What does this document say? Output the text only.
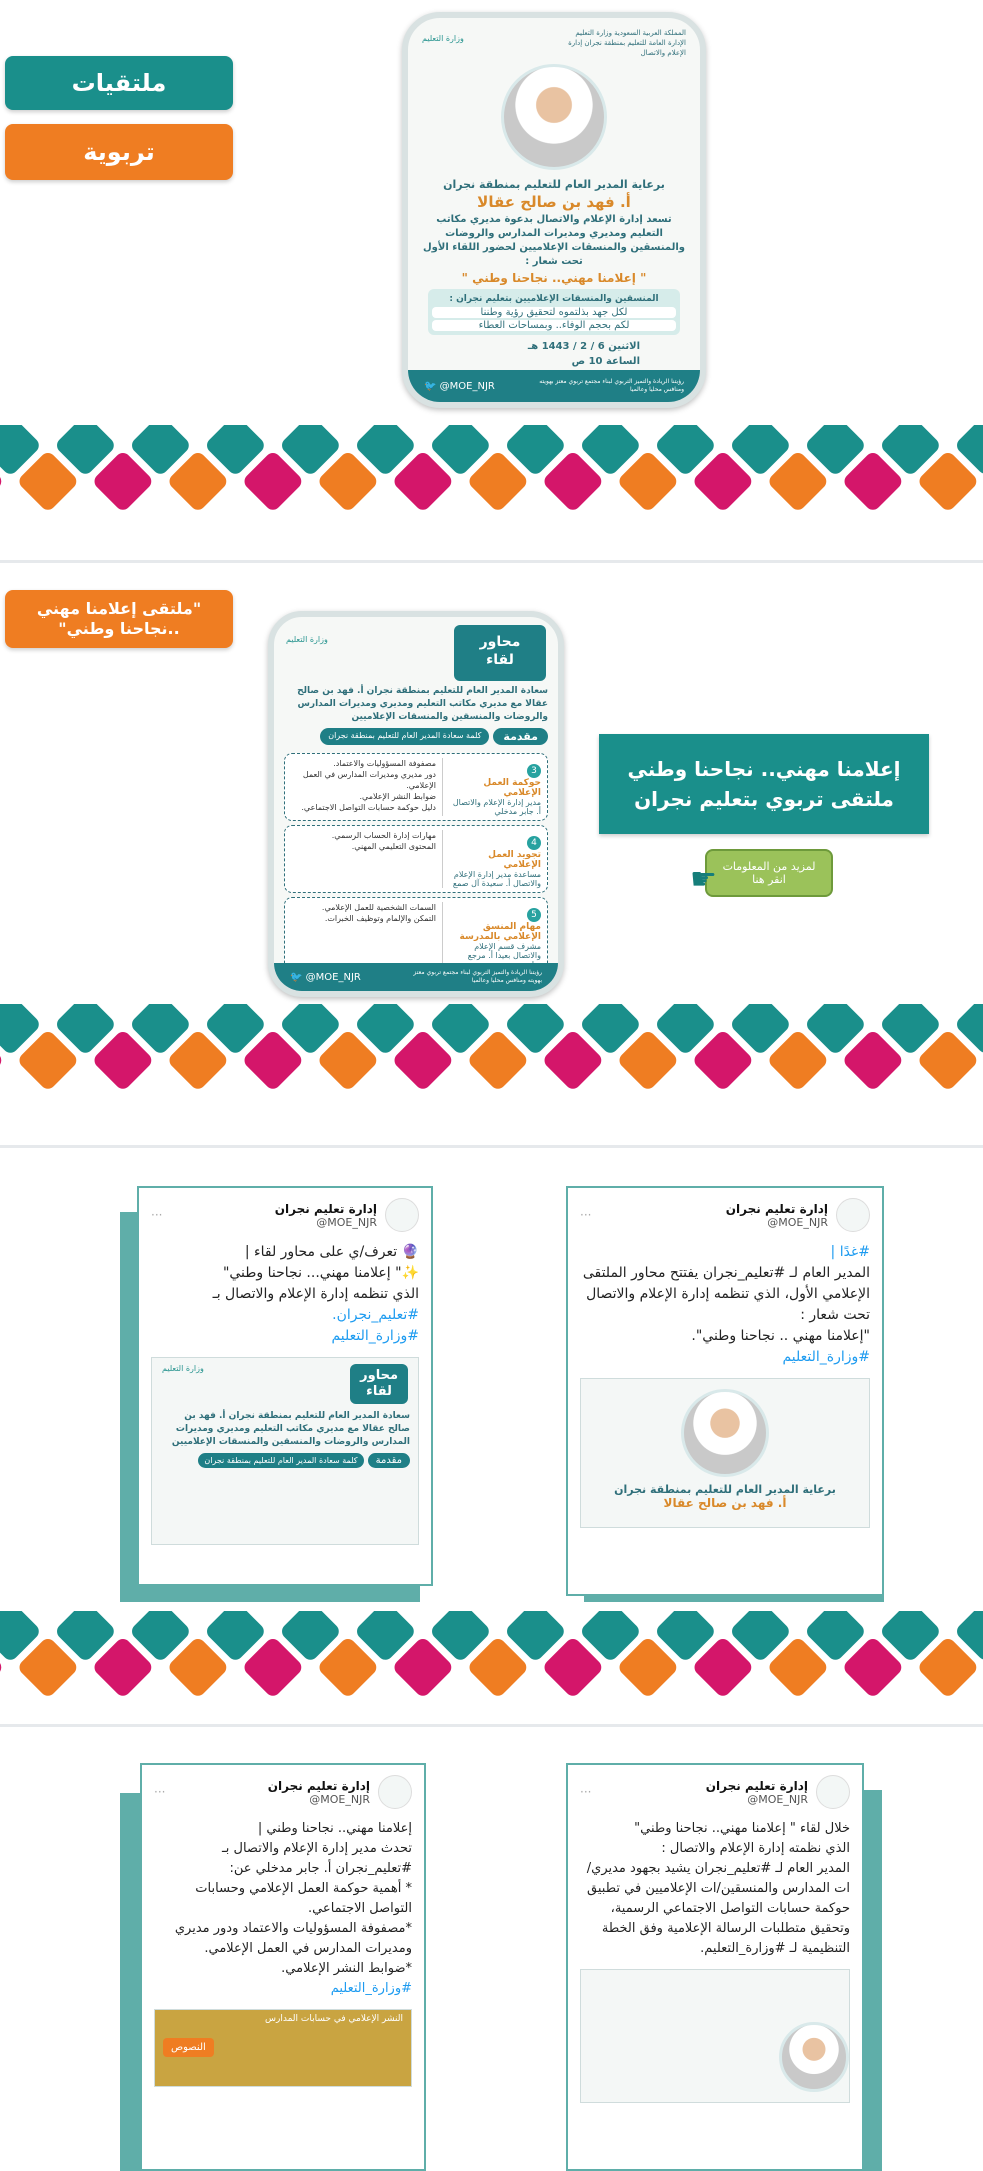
ملتقيات
تربوية
"ملتقى إعلامنا مهني ..نجاحنا وطني"
المملكة العربية السعودية وزارة التعليم الإدارة العامة للتعليم بمنطقة نجران إدارة الإعلام والاتصال
وزارة التعليم
برعاية المدير العام للتعليم بمنطقة نجران
أ. فهد بن صالح عقالا
تسعد إدارة الإعلام والاتصال بدعوة مديري مكاتب التعليم ومديري ومديرات المدارس والروضات والمنسقين والمنسقات الإعلاميين لحضور اللقاء الأول تحت شعار :
" إعلامنا مهني.. نجاحنا وطني "
المنسقين والمنسقات الإعلاميين بتعليم نجران :
لكل جهد بذلتموه لتحقيق رؤية وطننا
لكم بحجم الوفاء.. وبمساحات العطاء
الاثنين 6 / 2 / 1443 هـ
الساعة 10 ص
رؤيتنا الريادة والتميز التربوي لبناء مجتمع تربوي معتز بهويته ومنافس محليا وعالميا
🐦 @MOE_NJR
محاور
لقاء
وزارة التعليم
سعادة المدير العام للتعليم بمنطقة نجران أ. فهد بن صالح عقالا مع مديري مكاتب التعليم ومديري ومديرات المدارس والروضات والمنسقين والمنسقات الإعلاميين
مقدمة
كلمة سعادة المدير العام للتعليم بمنطقة نجران
3
حوكمة العمل الإعلامي
مدير إدارة الإعلام والاتصال أ. جابر مدخلي
مصفوفة المسؤوليات والاعتماد.
دور مديري ومديرات المدارس في العمل الإعلامي.
ضوابط النشر الإعلامي.
دليل حوكمة حسابات التواصل الاجتماعي.
4
تجويد العمل الإعلامي
مساعدة مدير إدارة الإعلام والاتصال أ. سعيدة آل صمع
مهارات إدارة الحساب الرسمي.
المحتوى التعليمي المهني.
5
مهام المنسق الإعلامي بالمدرسة
مشرف قسم الإعلام والاتصال بعيدا أ. مرجع
السمات الشخصية للعمل الإعلامي.
التمكن والإلمام وتوظيف الخبرات.
رؤيتنا الريادة والتميز التربوي لبناء مجتمع تربوي معتز بهويته ومنافس محليا وعالميا
🐦 @MOE_NJR
إعلامنا مهني.. نجاحنا وطني
ملتقى تربوي بتعليم نجران
لمزيد من المعلومات
انقر هنا
☛
إدارة تعليم نجران
@MOE_NJR
···

#غدًا |

المدير العام لـ #تعليم_نجران يفتتح محاور الملتقى الإعلامي الأول، الذي تنظمه إدارة الإعلام والاتصال تحت شعار :

"إعلامنا مهني .. نجاحنا وطني".

#وزارة_التعليم

برعاية المدير العام للتعليم بمنطقة نجران
أ. فهد بن صالح عقالا
إدارة تعليم نجران
@MOE_NJR
···

🔮 تعرف/ي على محاور لقاء |

✨" إعلامنا مهني... نجاحنا وطني"

الذي تنظمه إدارة الإعلام والاتصال بـ

#تعليم_نجران.

#وزارة_التعليم

محاور
لقاء
وزارة التعليم
سعادة المدير العام للتعليم بمنطقة نجران أ. فهد بن صالح عقالا مع مديري مكاتب التعليم ومديري ومديرات المدارس والروضات والمنسقين والمنسقات الإعلاميين
مقدمة
كلمة سعادة المدير العام للتعليم بمنطقة نجران
إدارة تعليم نجران
@MOE_NJR
···

خلال لقاء " إعلامنا مهني.. نجاحنا وطني"

الذي نظمته إدارة الإعلام والاتصال :

المدير العام لـ #تعليم_نجران يشيد بجهود مديري/ات المدارس والمنسقين/ات الإعلاميين في تطبيق حوكمة حسابات التواصل الاجتماعي الرسمية، وتحقيق متطلبات الرسالة الإعلامية وفق الخطة التنظيمية لـ #وزارة_التعليم.

إدارة تعليم نجران
@MOE_NJR
···

إعلامنا مهني.. نجاحنا وطني |

تحدث مدير إدارة الإعلام والاتصال بـ

#تعليم_نجران أ. جابر مدخلي عن:

* أهمية حوكمة العمل الإعلامي وحسابات التواصل الاجتماعي.

*مصفوفة المسؤوليات والاعتماد ودور مديري ومديرات المدارس في العمل الإعلامي.

*ضوابط النشر الإعلامي.

#وزارة_التعليم

النشر الإعلامي في حسابات المدارس
النصوص
